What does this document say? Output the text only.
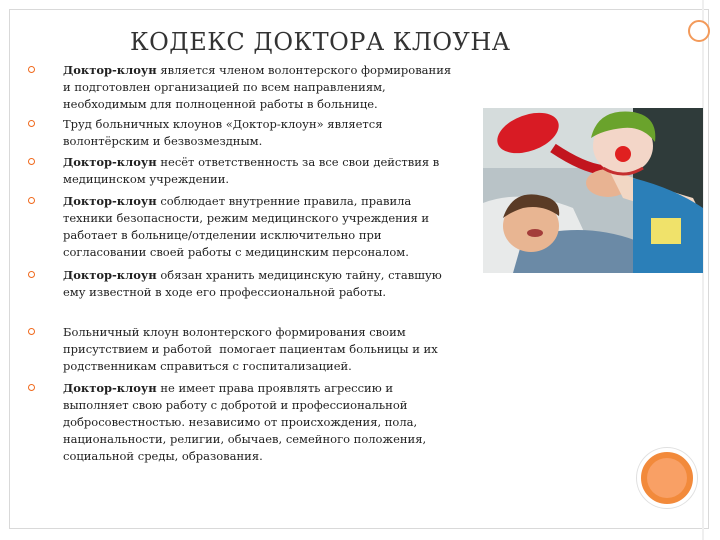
КОДЕКС ДОКТОРА КЛОУНА
Доктор-клоун является членом волонтерского формирования
и подготовлен организацией по всем направлениям,
необходимым для полноценной работы в больнице.
Труд больничных клоунов «Доктор-клоун» является
волонтёрским и безвозмездным.
Доктор-клоун несёт ответственность за все свои действия в
медицинском учреждении.
Доктор-клоун соблюдает внутренние правила, правила
техники безопасности, режим медицинского учреждения и
работает в больнице/отделении исключительно при
согласовании своей работы с медицинским персоналом.
Доктор-клоун обязан хранить медицинскую тайну, ставшую
ему известной в ходе его профессиональной работы.
Больничный клоун волонтерского формирования своим
присутствием и работой  помогает пациентам больницы и их
родственникам справиться с госпитализацией.
Доктор-клоун не имеет права проявлять агрессию и
выполняет свою работу с добротой и профессиональной
добросовестностью. независимо от происхождения, пола,
национальности, религии, обычаев, семейного положения,
социальной среды, образования.
